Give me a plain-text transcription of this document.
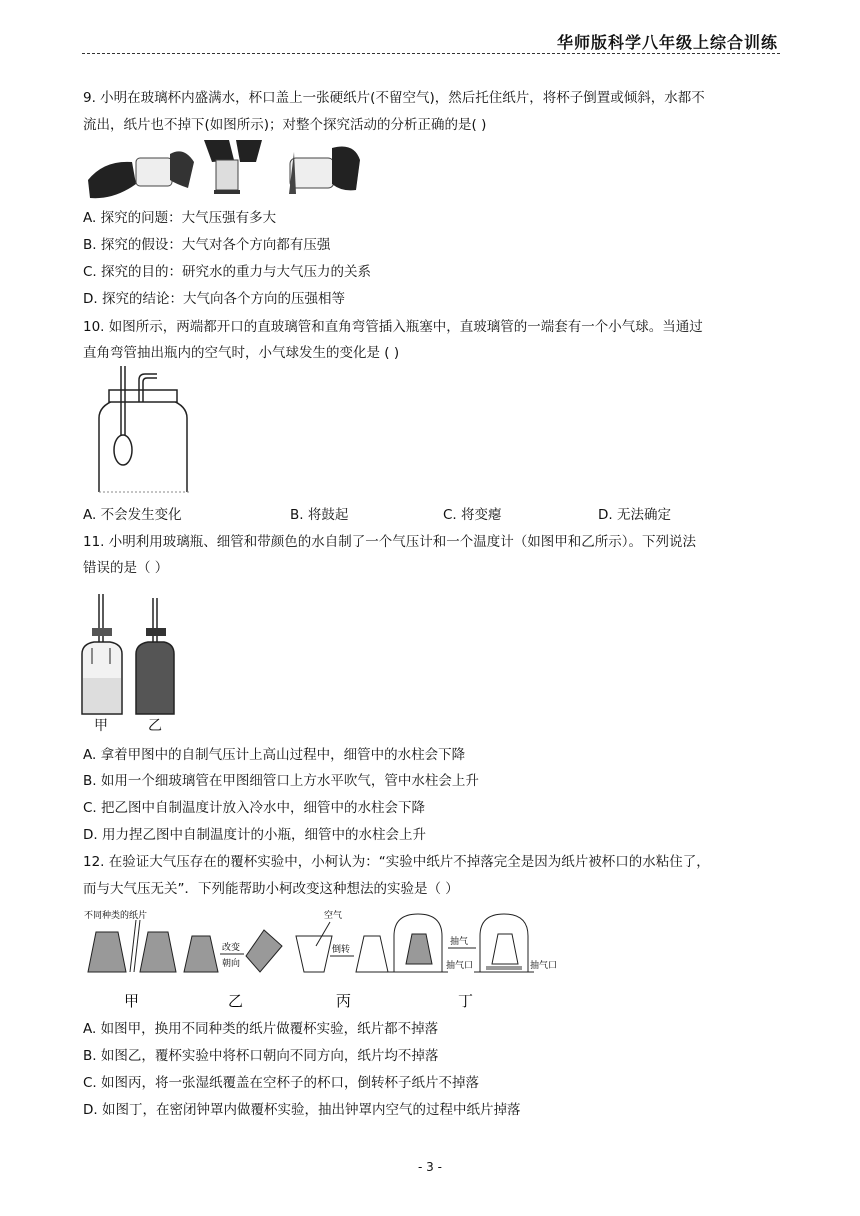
华师版科学八年级上综合训练
9. 小明在玻璃杯内盛满水，杯口盖上一张硬纸片(不留空气)，然后托住纸片，将杯子倒置或倾斜，水都不
流出，纸片也不掉下(如图所示)；对整个探究活动的分析正确的是( )
A. 探究的问题：大气压强有多大
B. 探究的假设：大气对各个方向都有压强
C. 探究的目的：研究水的重力与大气压力的关系
D. 探究的结论：大气向各个方向的压强相等
10. 如图所示，两端都开口的直玻璃管和直角弯管插入瓶塞中，直玻璃管的一端套有一个小气球。当通过
直角弯管抽出瓶内的空气时，小气球发生的变化是 ( )
A. 不会发生变化	B. 将鼓起	C. 将变瘪	D. 无法确定
11. 小明利用玻璃瓶、细管和带颜色的水自制了一个气压计和一个温度计（如图甲和乙所示）。下列说法
错误的是（ ）
甲	乙
A. 拿着甲图中的自制气压计上高山过程中，细管中的水柱会下降
B. 如用一个细玻璃管在甲图细管口上方水平吹气，管中水柱会上升
C. 把乙图中自制温度计放入冷水中，细管中的水柱会下降
D. 用力捏乙图中自制温度计的小瓶，细管中的水柱会上升
12. 在验证大气压存在的覆杯实验中，小柯认为：“实验中纸片不掉落完全是因为纸片被杯口的水粘住了，
而与大气压无关”．下列能帮助小柯改变这种想法的实验是（ ）
不同种类的纸片
改变
朝向
空气
倒转
抽气
抽气口	抽气口
甲	乙	丙	丁
A. 如图甲，换用不同种类的纸片做覆杯实验，纸片都不掉落
B. 如图乙，覆杯实验中将杯口朝向不同方向，纸片均不掉落
C. 如图丙，将一张湿纸覆盖在空杯子的杯口，倒转杯子纸片不掉落
D. 如图丁，在密闭钟罩内做覆杯实验，抽出钟罩内空气的过程中纸片掉落
- 3 -
